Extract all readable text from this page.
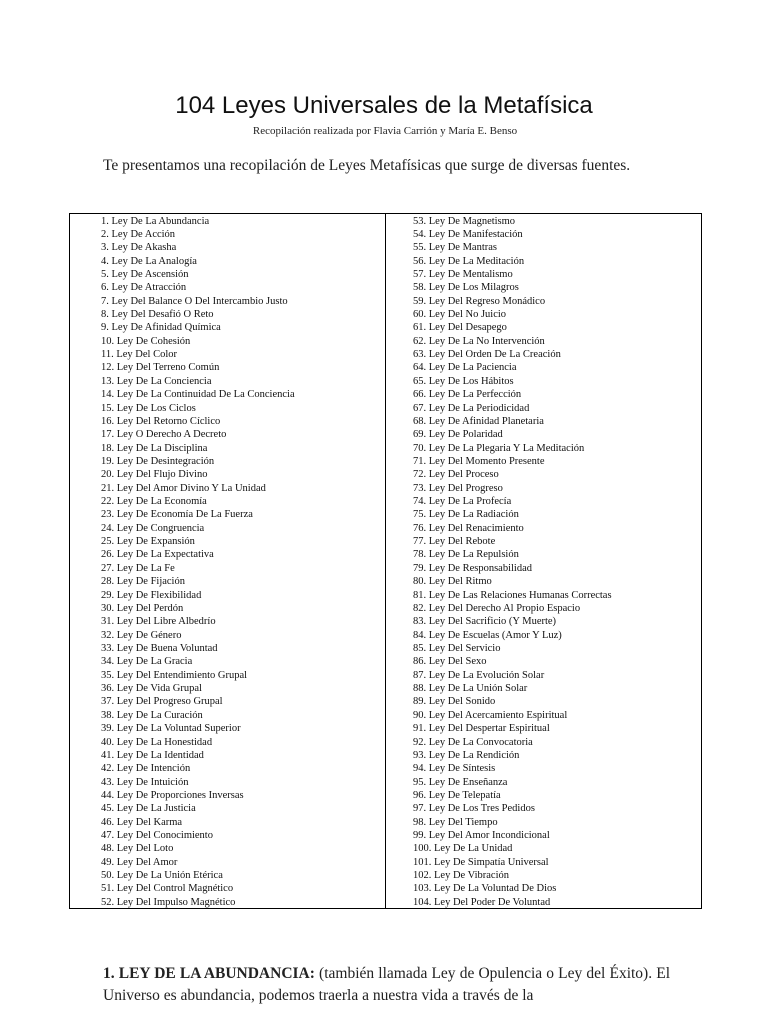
104 Leyes Universales de la Metafísica
Recopilación realizada por Flavia Carrión y María E. Benso
Te presentamos una recopilación de Leyes Metafísicas que surge de diversas fuentes.
1. Ley De La Abundancia
2. Ley De Acción
3. Ley De Akasha
4. Ley De La Analogía
5. Ley De Ascensión
6. Ley De Atracción
7. Ley Del Balance O Del Intercambio Justo
8. Ley Del Desafió O Reto
9. Ley De Afinidad Química
10. Ley De Cohesión
11. Ley Del Color
12. Ley Del Terreno Común
13. Ley De La Conciencia
14. Ley De La Continuidad De La Conciencia
15. Ley De Los Ciclos
16. Ley Del Retorno Cíclico
17. Ley O Derecho A Decreto
18. Ley De La Disciplina
19. Ley De Desintegración
20. Ley Del Flujo Divino
21. Ley Del Amor Divino Y La Unidad
22. Ley De La Economía
23. Ley De Economía De La Fuerza
24. Ley De Congruencia
25. Ley De Expansión
26. Ley De La Expectativa
27. Ley De La Fe
28. Ley De Fijación
29. Ley De Flexibilidad
30. Ley Del Perdón
31. Ley Del Libre Albedrío
32. Ley De Género
33. Ley De Buena Voluntad
34. Ley De La Gracia
35. Ley Del Entendimiento Grupal
36. Ley De Vida Grupal
37. Ley Del Progreso Grupal
38. Ley De La Curación
39. Ley De La Voluntad Superior
40. Ley De La Honestidad
41. Ley De La Identidad
42. Ley De Intención
43. Ley De Intuición
44. Ley De Proporciones Inversas
45. Ley De La Justicia
46. Ley Del Karma
47. Ley Del Conocimiento
48. Ley Del Loto
49. Ley Del Amor
50. Ley De La Unión Etérica
51. Ley Del Control Magnético
52. Ley Del Impulso Magnético
53. Ley De Magnetismo
54. Ley De Manifestación
55. Ley De Mantras
56. Ley De La Meditación
57. Ley De Mentalismo
58. Ley De Los Milagros
59. Ley Del Regreso Monádico
60. Ley Del No Juicio
61. Ley Del Desapego
62. Ley De La No Intervención
63. Ley Del Orden De La Creación
64. Ley De La Paciencia
65. Ley De Los Hábitos
66. Ley De La Perfección
67. Ley De La Periodicidad
68. Ley De Afinidad Planetaria
69. Ley De Polaridad
70. Ley De La Plegaria Y La Meditación
71. Ley Del Momento Presente
72. Ley Del Proceso
73. Ley Del Progreso
74. Ley De La Profecía
75. Ley De La Radiación
76. Ley Del Renacimiento
77. Ley Del Rebote
78. Ley De La Repulsión
79. Ley De Responsabilidad
80. Ley Del Ritmo
81. Ley De Las Relaciones Humanas Correctas
82. Ley Del Derecho Al Propio Espacio
83. Ley Del Sacrificio (Y Muerte)
84. Ley De Escuelas (Amor Y Luz)
85. Ley Del Servicio
86. Ley Del Sexo
87. Ley De La Evolución Solar
88. Ley De La Unión Solar
89. Ley Del Sonido
90. Ley Del Acercamiento Espiritual
91. Ley Del Despertar Espiritual
92. Ley De La Convocatoria
93. Ley De La Rendición
94. Ley De Síntesis
95. Ley De Enseñanza
96. Ley De Telepatía
97. Ley De Los Tres Pedidos
98. Ley Del Tiempo
99. Ley Del Amor Incondicional
100. Ley De La Unidad
101. Ley De Simpatía Universal
102. Ley De Vibración
103. Ley De La Voluntad De Dios
104. Ley Del Poder De Voluntad
1. LEY DE LA ABUNDANCIA: (también llamada Ley de Opulencia o Ley del Éxito). El Universo es abundancia, podemos traerla a nuestra vida a través de la
